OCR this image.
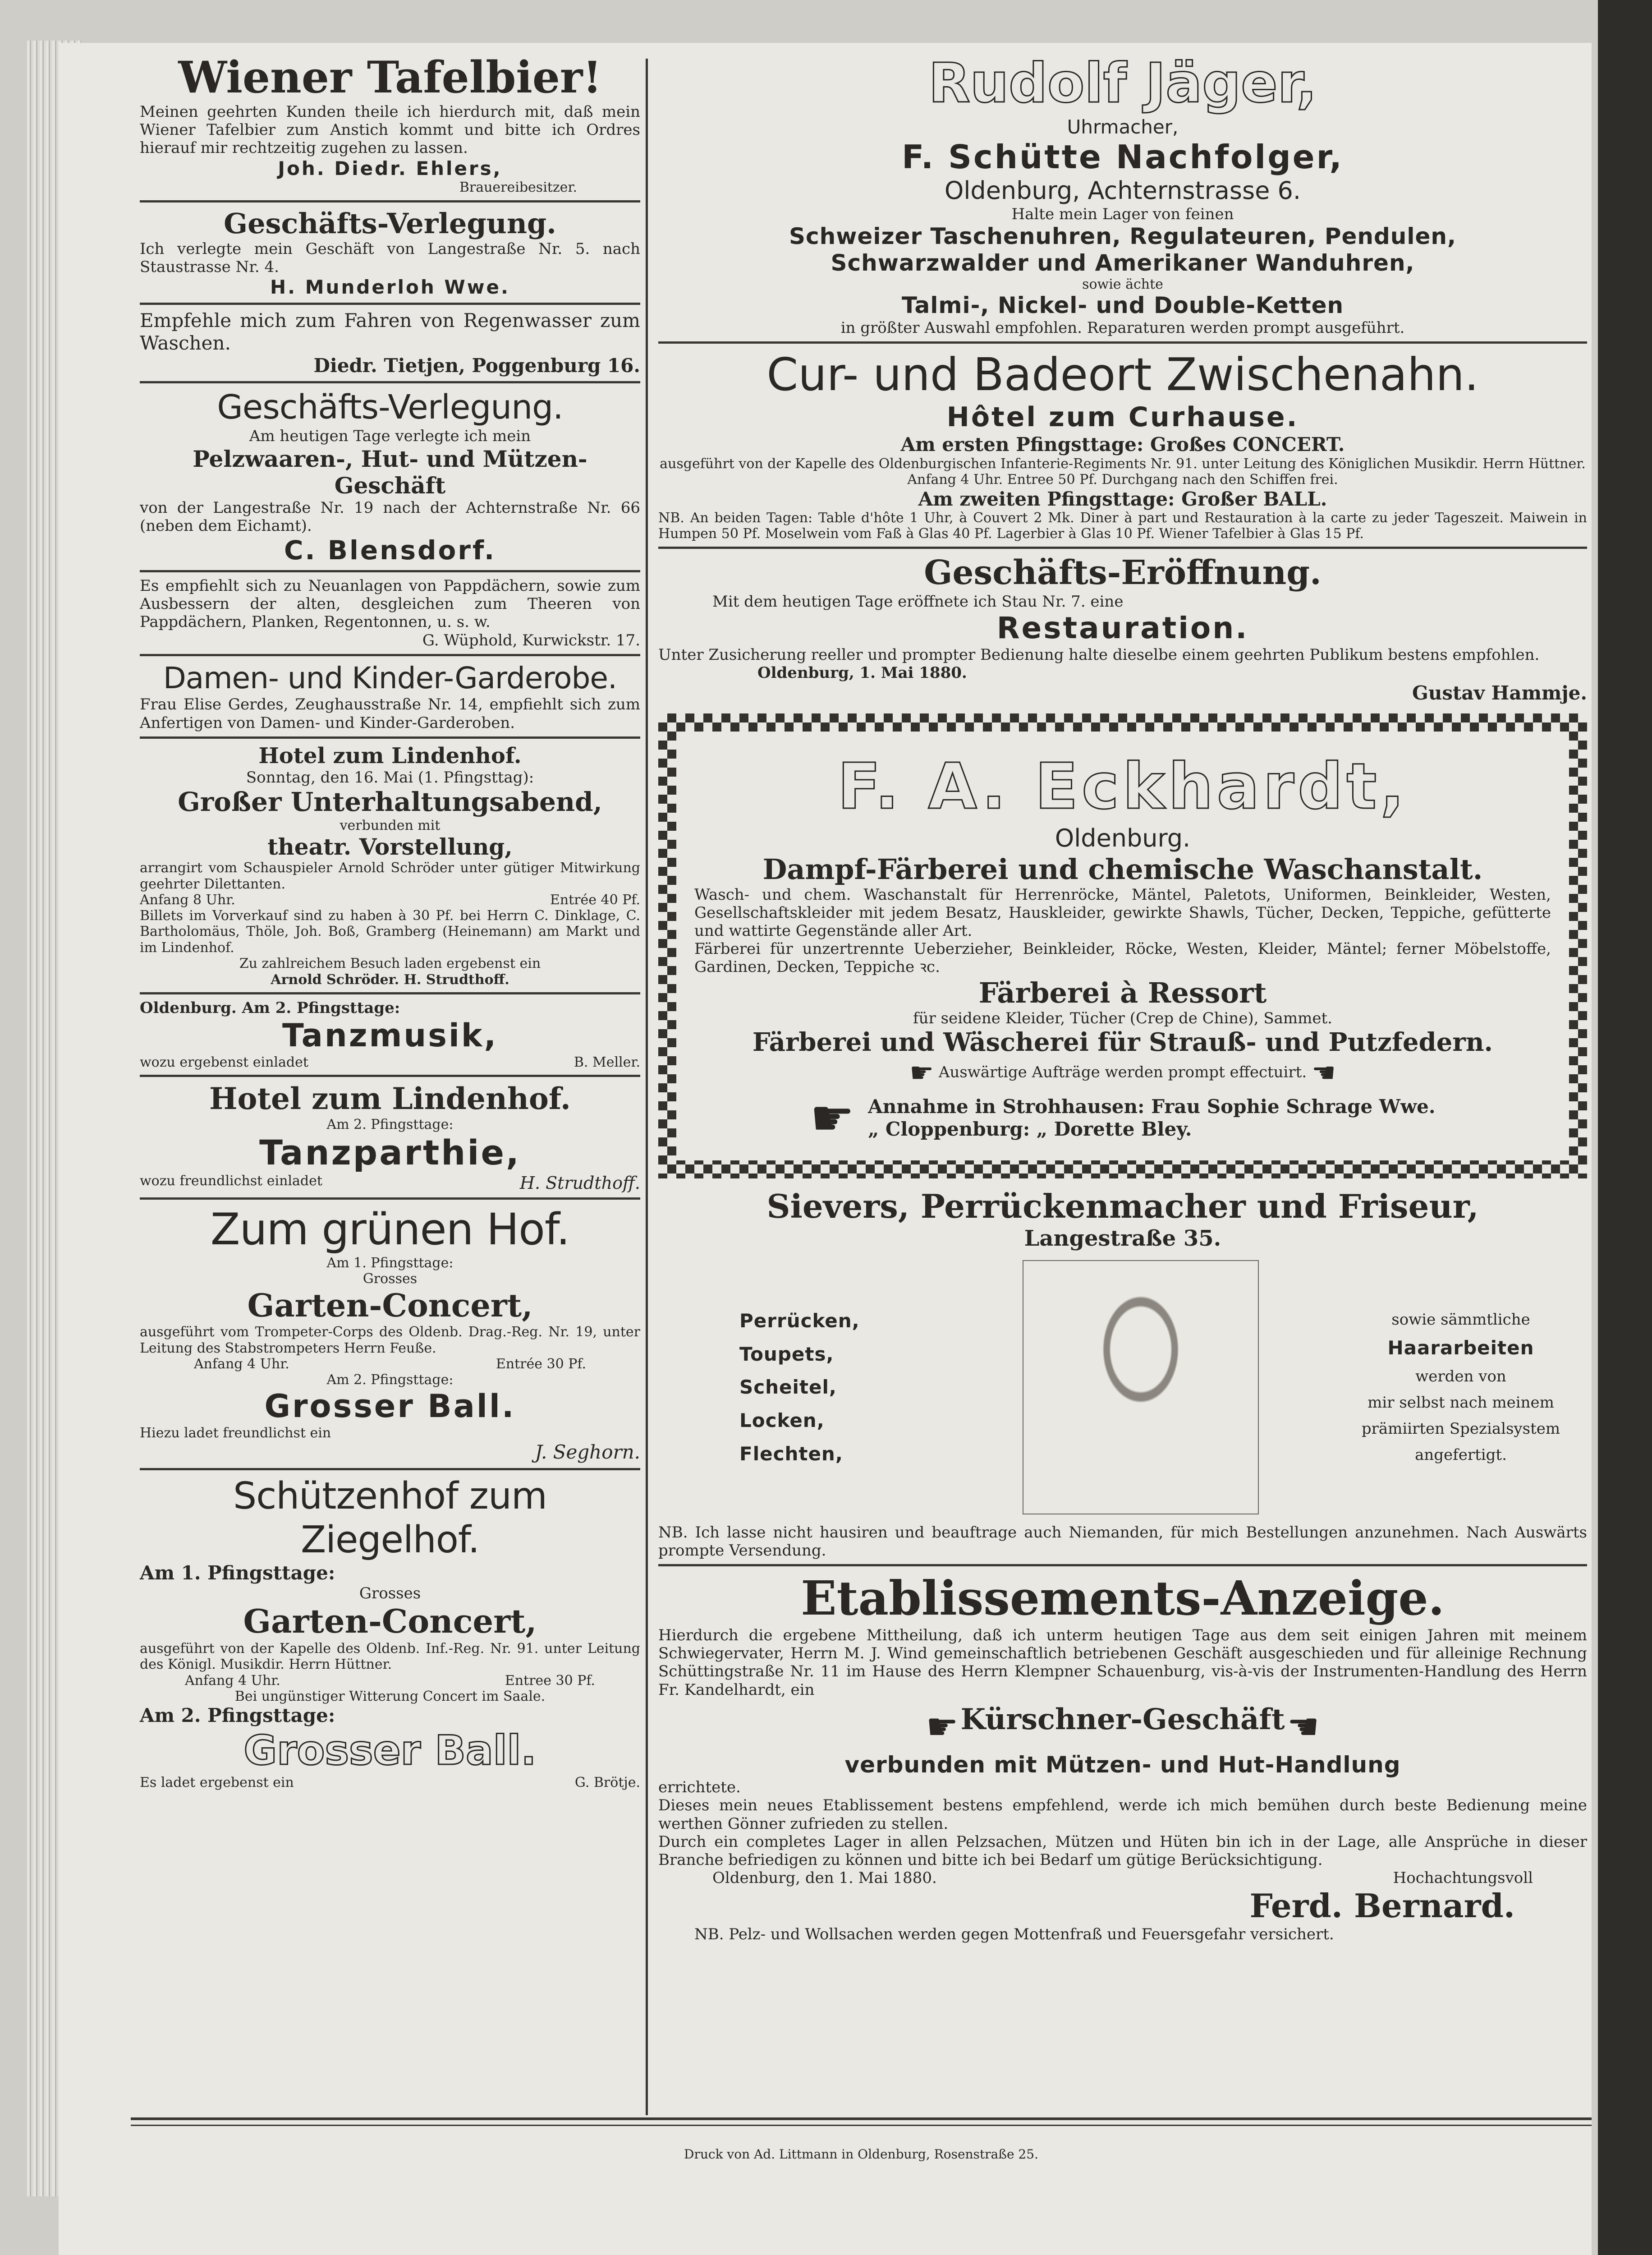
Wiener Tafelbier!

Meinen geehrten Kunden theile ich hierdurch mit, daß mein Wiener Tafelbier zum Anstich kommt und bitte ich Ordres hierauf mir rechtzeitig zugehen zu lassen.

Joh. Diedr. Ehlers,

Brauereibesitzer.

Geschäfts-Verlegung.

Ich verlegte mein Geschäft von Langestraße Nr. 5. nach Staustrasse Nr. 4.

H. Munderloh Wwe.

Empfehle mich zum Fahren von Regenwasser zum Waschen.

Diedr. Tietjen, Poggenburg 16.

Geschäfts-Verlegung.

Am heutigen Tage verlegte ich mein

Pelzwaaren-, Hut- und Mützen-Geschäft

von der Langestraße Nr. 19 nach der Achternstraße Nr. 66 (neben dem Eichamt).

C. Blensdorf.

Es empfiehlt sich zu Neuanlagen von Pappdächern, sowie zum Ausbessern der alten, desgleichen zum Theeren von Pappdächern, Planken, Regentonnen, u. s. w.

G. Wüphold, Kurwickstr. 17.

Damen- und Kinder-Garderobe.

Frau Elise Gerdes, Zeughausstraße Nr. 14, empfiehlt sich zum Anfertigen von Damen- und Kinder-Garderoben.

Hotel zum Lindenhof.

Sonntag, den 16. Mai (1. Pfingsttag):

Großer Unterhaltungsabend,

verbunden mit

theatr. Vorstellung,

arrangirt vom Schauspieler Arnold Schröder unter gütiger Mitwirkung geehrter Dilettanten.

Anfang 8 Uhr.	Entrée 40 Pf.

Billets im Vorverkauf sind zu haben à 30 Pf. bei Herrn C. Dinklage, C. Bartholomäus, Thöle, Joh. Boß, Gramberg (Heinemann) am Markt und im Lindenhof.

Zu zahlreichem Besuch laden ergebenst ein

Arnold Schröder. H. Strudthoff.

Oldenburg. Am 2. Pfingsttage:

Tanzmusik,

wozu ergebenst einladet	B. Meller.

Hotel zum Lindenhof.

Am 2. Pfingsttage:

Tanzparthie,

wozu freundlichst einladet	H. Strudthoff.

Zum grünen Hof.

Am 1. Pfingsttage:

Grosses

Garten-Concert,

ausgeführt vom Trompeter-Corps des Oldenb. Drag.-Reg. Nr. 19, unter Leitung des Stabstrompeters Herrn Feuße.

Anfang 4 Uhr.	Entrée 30 Pf.

Am 2. Pfingsttage:

Grosser Ball.

Hiezu ladet freundlichst ein

J. Seghorn.

Schützenhof zum Ziegelhof.

Am 1. Pfingsttage:

Grosses

Garten-Concert,

ausgeführt von der Kapelle des Oldenb. Inf.-Reg. Nr. 91. unter Leitung des Königl. Musikdir. Herrn Hüttner.

Anfang 4 Uhr.	Entree 30 Pf.

Bei ungünstiger Witterung Concert im Saale.

Am 2. Pfingsttage:

Grosser Ball.

Es ladet ergebenst ein	G. Brötje.

Rudolf Jäger,

Uhrmacher,

F. Schütte Nachfolger,

Oldenburg, Achternstrasse 6.

Halte mein Lager von feinen

Schweizer Taschenuhren, Regulateuren, Pendulen,

Schwarzwalder und Amerikaner Wanduhren,

sowie ächte

Talmi-, Nickel- und Double-Ketten

in größter Auswahl empfohlen. Reparaturen werden prompt ausgeführt.

Cur- und Badeort Zwischenahn.

Hôtel zum Curhause.

Am ersten Pfingsttage: Großes CONCERT.

ausgeführt von der Kapelle des Oldenburgischen Infanterie-Regiments Nr. 91. unter Leitung des Königlichen Musikdir. Herrn Hüttner.

Anfang 4 Uhr. Entree 50 Pf. Durchgang nach den Schiffen frei.

Am zweiten Pfingsttage: Großer BALL.

NB. An beiden Tagen: Table d'hôte 1 Uhr, à Couvert 2 Mk. Diner à part und Restauration à la carte zu jeder Tageszeit. Maiwein in Humpen 50 Pf. Moselwein vom Faß à Glas 40 Pf. Lagerbier à Glas 10 Pf. Wiener Tafelbier à Glas 15 Pf.

Geschäfts-Eröffnung.

Mit dem heutigen Tage eröffnete ich Stau Nr. 7. eine

Restauration.

Unter Zusicherung reeller und prompter Bedienung halte dieselbe einem geehrten Publikum bestens empfohlen.

Oldenburg, 1. Mai 1880.

Gustav Hammje.

F. A. Eckhardt,

Oldenburg.

Dampf-Färberei und chemische Waschanstalt.

Wasch- und chem. Waschanstalt für Herrenröcke, Mäntel, Paletots, Uniformen, Beinkleider, Westen, Gesellschaftskleider mit jedem Besatz, Hauskleider, gewirkte Shawls, Tücher, Decken, Teppiche, gefütterte und wattirte Gegenstände aller Art.

Färberei für unzertrennte Ueberzieher, Beinkleider, Röcke, Westen, Kleider, Mäntel; ferner Möbelstoffe, Gardinen, Decken, Teppiche ꝛc.

Färberei à Ressort

für seidene Kleider, Tücher (Crep de Chine), Sammet.

Färberei und Wäscherei für Strauß- und Putzfedern.

☛ Auswärtige Aufträge werden prompt effectuirt. ☚

☛ Annahme in Strohhausen: Frau Sophie Schrage Wwe.

„ Cloppenburg: „ Dorette Bley.

Sievers, Perrückenmacher und Friseur,

Langestraße 35.

Perrücken,

Toupets,

Scheitel,

Locken,

Flechten,

sowie sämmtliche

Haararbeiten

werden von

mir selbst nach meinem

prämiirten Spezialsystem

angefertigt.

NB. Ich lasse nicht hausiren und beauftrage auch Niemanden, für mich Bestellungen anzunehmen. Nach Auswärts prompte Versendung.

Etablissements-Anzeige.

Hierdurch die ergebene Mittheilung, daß ich unterm heutigen Tage aus dem seit einigen Jahren mit meinem Schwiegervater, Herrn M. J. Wind gemeinschaftlich betriebenen Geschäft ausgeschieden und für alleinige Rechnung Schüttingstraße Nr. 11 im Hause des Herrn Klempner Schauenburg, vis-à-vis der Instrumenten-Handlung des Herrn Fr. Kandelhardt, ein

☛ Kürschner-Geschäft ☚

verbunden mit Mützen- und Hut-Handlung

errichtete.

Dieses mein neues Etablissement bestens empfehlend, werde ich mich bemühen durch beste Bedienung meine werthen Gönner zufrieden zu stellen.

Durch ein completes Lager in allen Pelzsachen, Mützen und Hüten bin ich in der Lage, alle Ansprüche in dieser Branche befriedigen zu können und bitte ich bei Bedarf um gütige Berücksichtigung.

Oldenburg, den 1. Mai 1880.	Hochachtungsvoll

Ferd. Bernard.

NB. Pelz- und Wollsachen werden gegen Mottenfraß und Feuersgefahr versichert.

Druck von Ad. Littmann in Oldenburg, Rosenstraße 25.
